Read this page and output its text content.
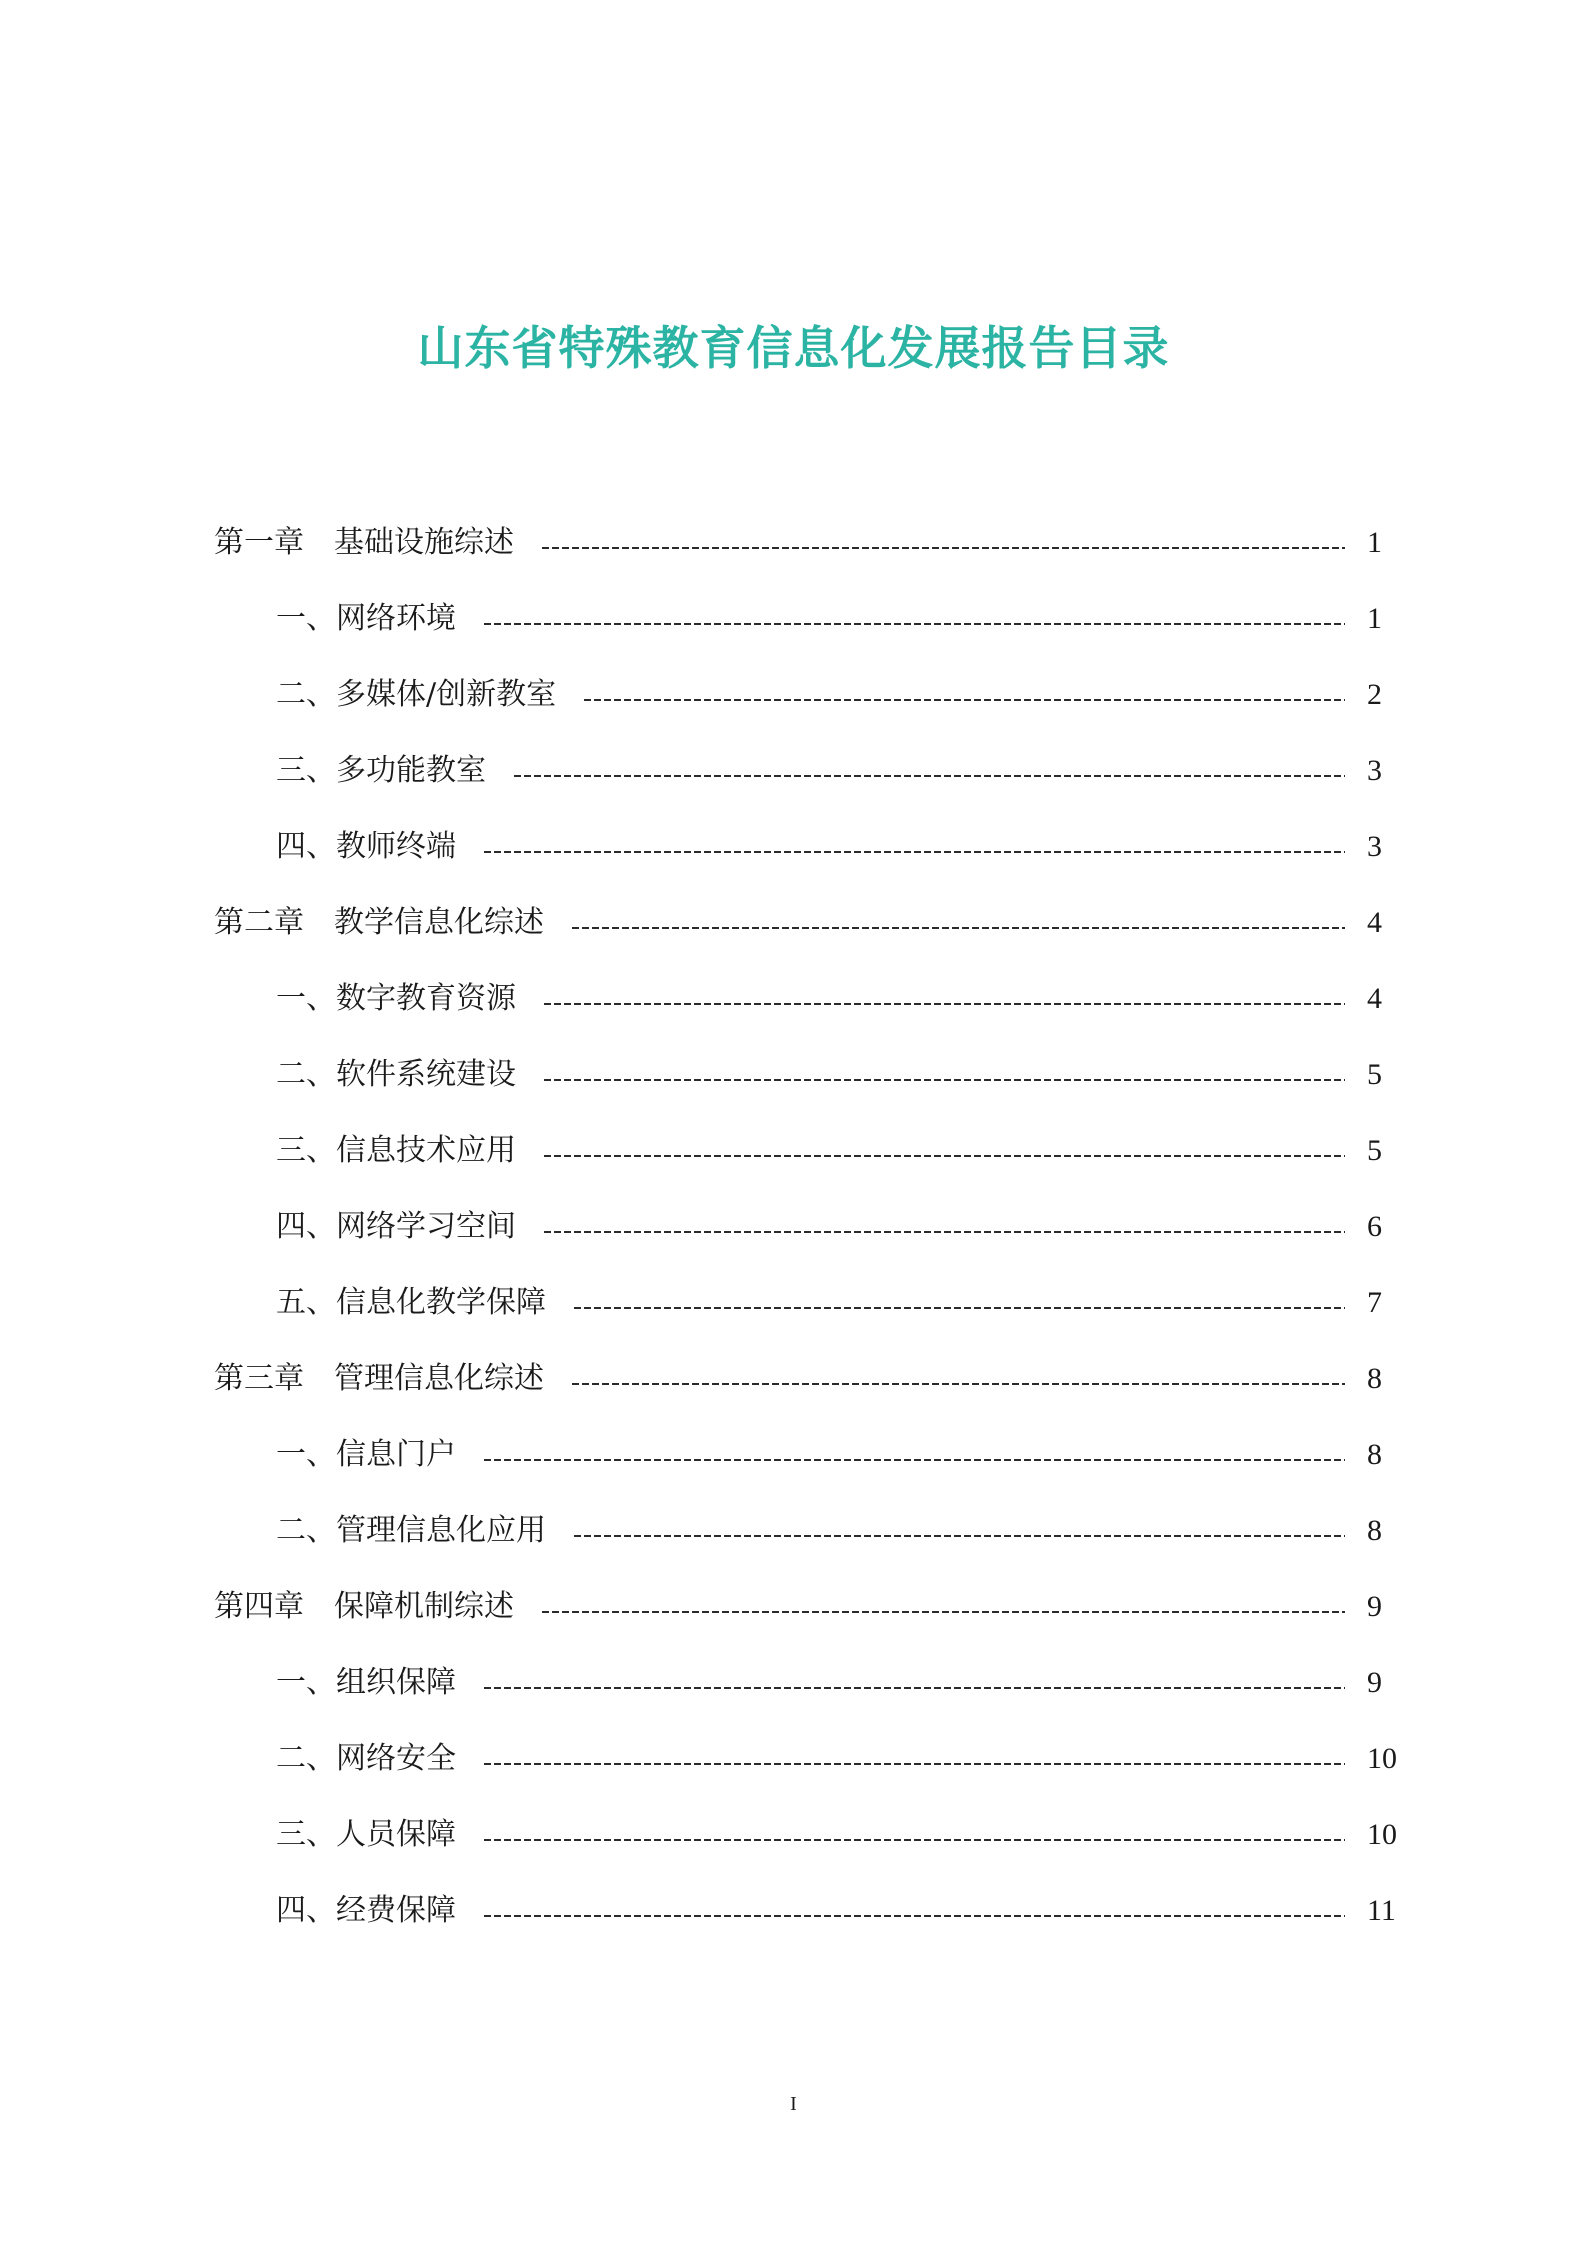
山东省特殊教育信息化发展报告目录
第一章　基础设施综述	1
一、网络环境	1
二、多媒体/创新教室	2
三、多功能教室	3
四、教师终端	3
第二章　教学信息化综述	4
一、数字教育资源	4
二、软件系统建设	5
三、信息技术应用	5
四、网络学习空间	6
五、信息化教学保障	7
第三章　管理信息化综述	8
一、信息门户	8
二、管理信息化应用	8
第四章　保障机制综述	9
一、组织保障	9
二、网络安全	10
三、人员保障	10
四、经费保障	11
I
